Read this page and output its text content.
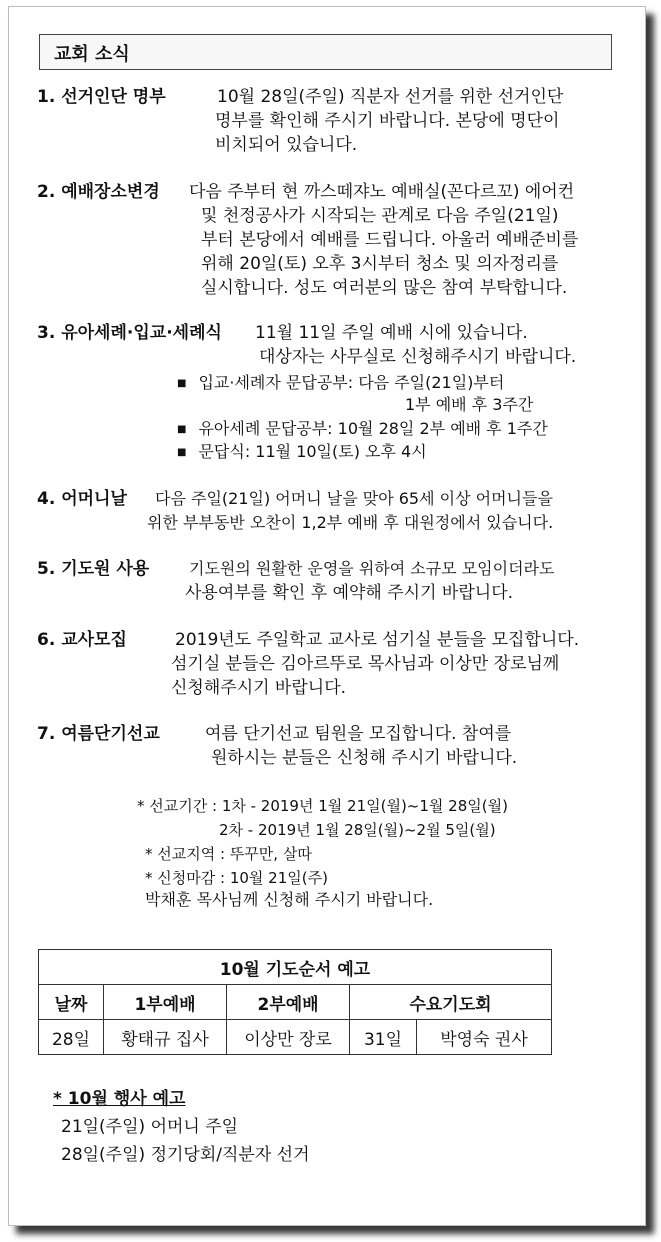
교회 소식
1. 선거인단 명부	10월 28일(주일) 직분자 선거를 위한 선거인단
명부를 확인해 주시기 바랍니다. 본당에 명단이
비치되어 있습니다.
2. 예배장소변경 다음 주부터 현 까스떼쟈노 예배실(꼰다르꼬) 에어컨
및 천정공사가 시작되는 관계로 다음 주일(21일)
부터 본당에서 예배를 드립니다. 아울러 예배준비를
위해 20일(토) 오후 3시부터 청소 및 의자정리를
실시합니다. 성도 여러분의 많은 참여 부탁합니다.
3. 유아세례·입교·세례식 11월 11일 주일 예배 시에 있습니다.
대상자는 사무실로 신청해주시기 바랍니다.
■ 입교·세례자 문답공부: 다음 주일(21일)부터
1부 예배 후 3주간
■ 유아세례 문답공부: 10월 28일 2부 예배 후 1주간
■ 문답식: 11월 10일(토) 오후 4시
4. 어머니날 다음 주일(21일) 어머니 날을 맞아 65세 이상 어머니들을
위한 부부동반 오찬이 1,2부 예배 후 대원정에서 있습니다.
5. 기도원 사용 기도원의 원활한 운영을 위하여 소규모 모임이더라도
사용여부를 확인 후 예약해 주시기 바랍니다.
6. 교사모집	2019년도 주일학교 교사로 섬기실 분들을 모집합니다.
섬기실 분들은 김아르뚜로 목사님과 이상만 장로님께
신청해주시기 바랍니다.
7. 여름단기선교	여름 단기선교 팀원을 모집합니다. 참여를
원하시는 분들은 신청해 주시기 바랍니다.
* 선교기간 : 1차 - 2019년 1월 21일(월)~1월 28일(월)
2차 - 2019년 1월 28일(월)~2월 5일(월)
* 선교지역 : 뚜꾸만, 살따
* 신청마감 : 10월 21일(주)
박채훈 목사님께 신청해 주시기 바랍니다.
10월 기도순서 예고				
날짜	1부예배	2부예배	수요기도회	
28일	황태규 집사	이상만 장로	31일	박영숙 권사
* 10월 행사 예고
21일(주일) 어머니 주일
28일(주일) 정기당회/직분자 선거
